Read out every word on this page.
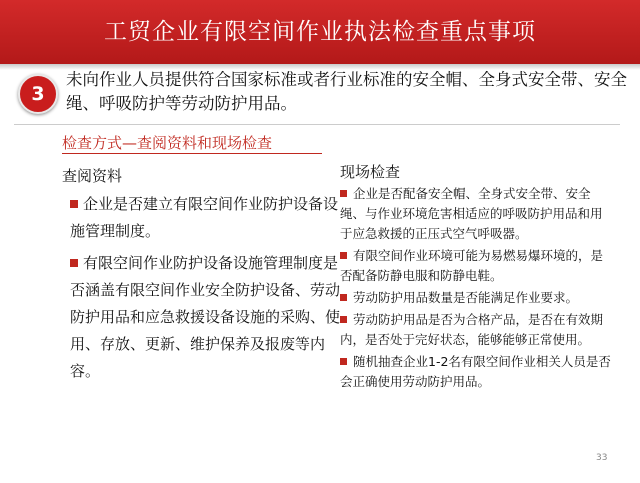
工贸企业有限空间作业执法检查重点事项
3
未向作业人员提供符合国家标准或者行业标准的安全帽、全身式安全带、安全绳、呼吸防护等劳动防护用品。
检查方式—查阅资料和现场检查
查阅资料

企业是否建立有限空间作业防护设备设施管理制度。

有限空间作业防护设备设施管理制度是否涵盖有限空间作业安全防护设备、劳动防护用品和应急救援设备设施的采购、使用、存放、更新、维护保养及报废等内容。

现场检查

企业是否配备安全帽、全身式安全带、安全绳、与作业环境危害相适应的呼吸防护用品和用于应急救援的正压式空气呼吸器。

有限空间作业环境可能为易燃易爆环境的，是否配备防静电服和防静电鞋。

劳动防护用品数量是否能满足作业要求。

劳动防护用品是否为合格产品，是否在有效期内，是否处于完好状态，能够能够正常使用。

随机抽查企业1-2名有限空间作业相关人员是否会正确使用劳动防护用品。

33
